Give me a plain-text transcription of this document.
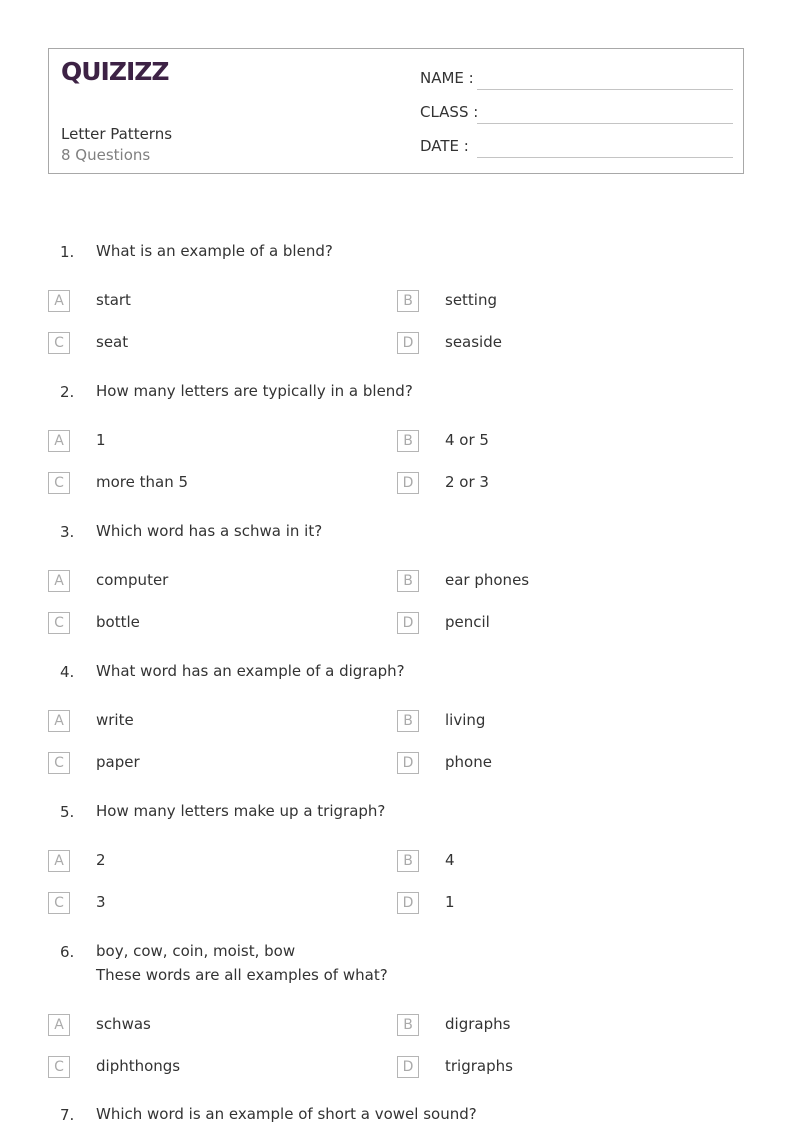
QUIZIZZ
Letter Patterns
8 Questions
NAME :
CLASS :
DATE :
1. What is an example of a blend?
A	start	B	setting
C	seat	D	seaside
2. How many letters are typically in a blend?
A	1	B	4 or 5
C	more than 5	D	2 or 3
3. Which word has a schwa in it?
A	computer	B	ear phones
C	bottle	D	pencil
4. What word has an example of a digraph?
A	write	B	living
C	paper	D	phone
5. How many letters make up a trigraph?
A	2	B	4
C	3	D	1
6. boy, cow, coin, moist, bow
These words are all examples of what?
A	schwas	B	digraphs
C	diphthongs	D	trigraphs
7. Which word is an example of short a vowel sound?
